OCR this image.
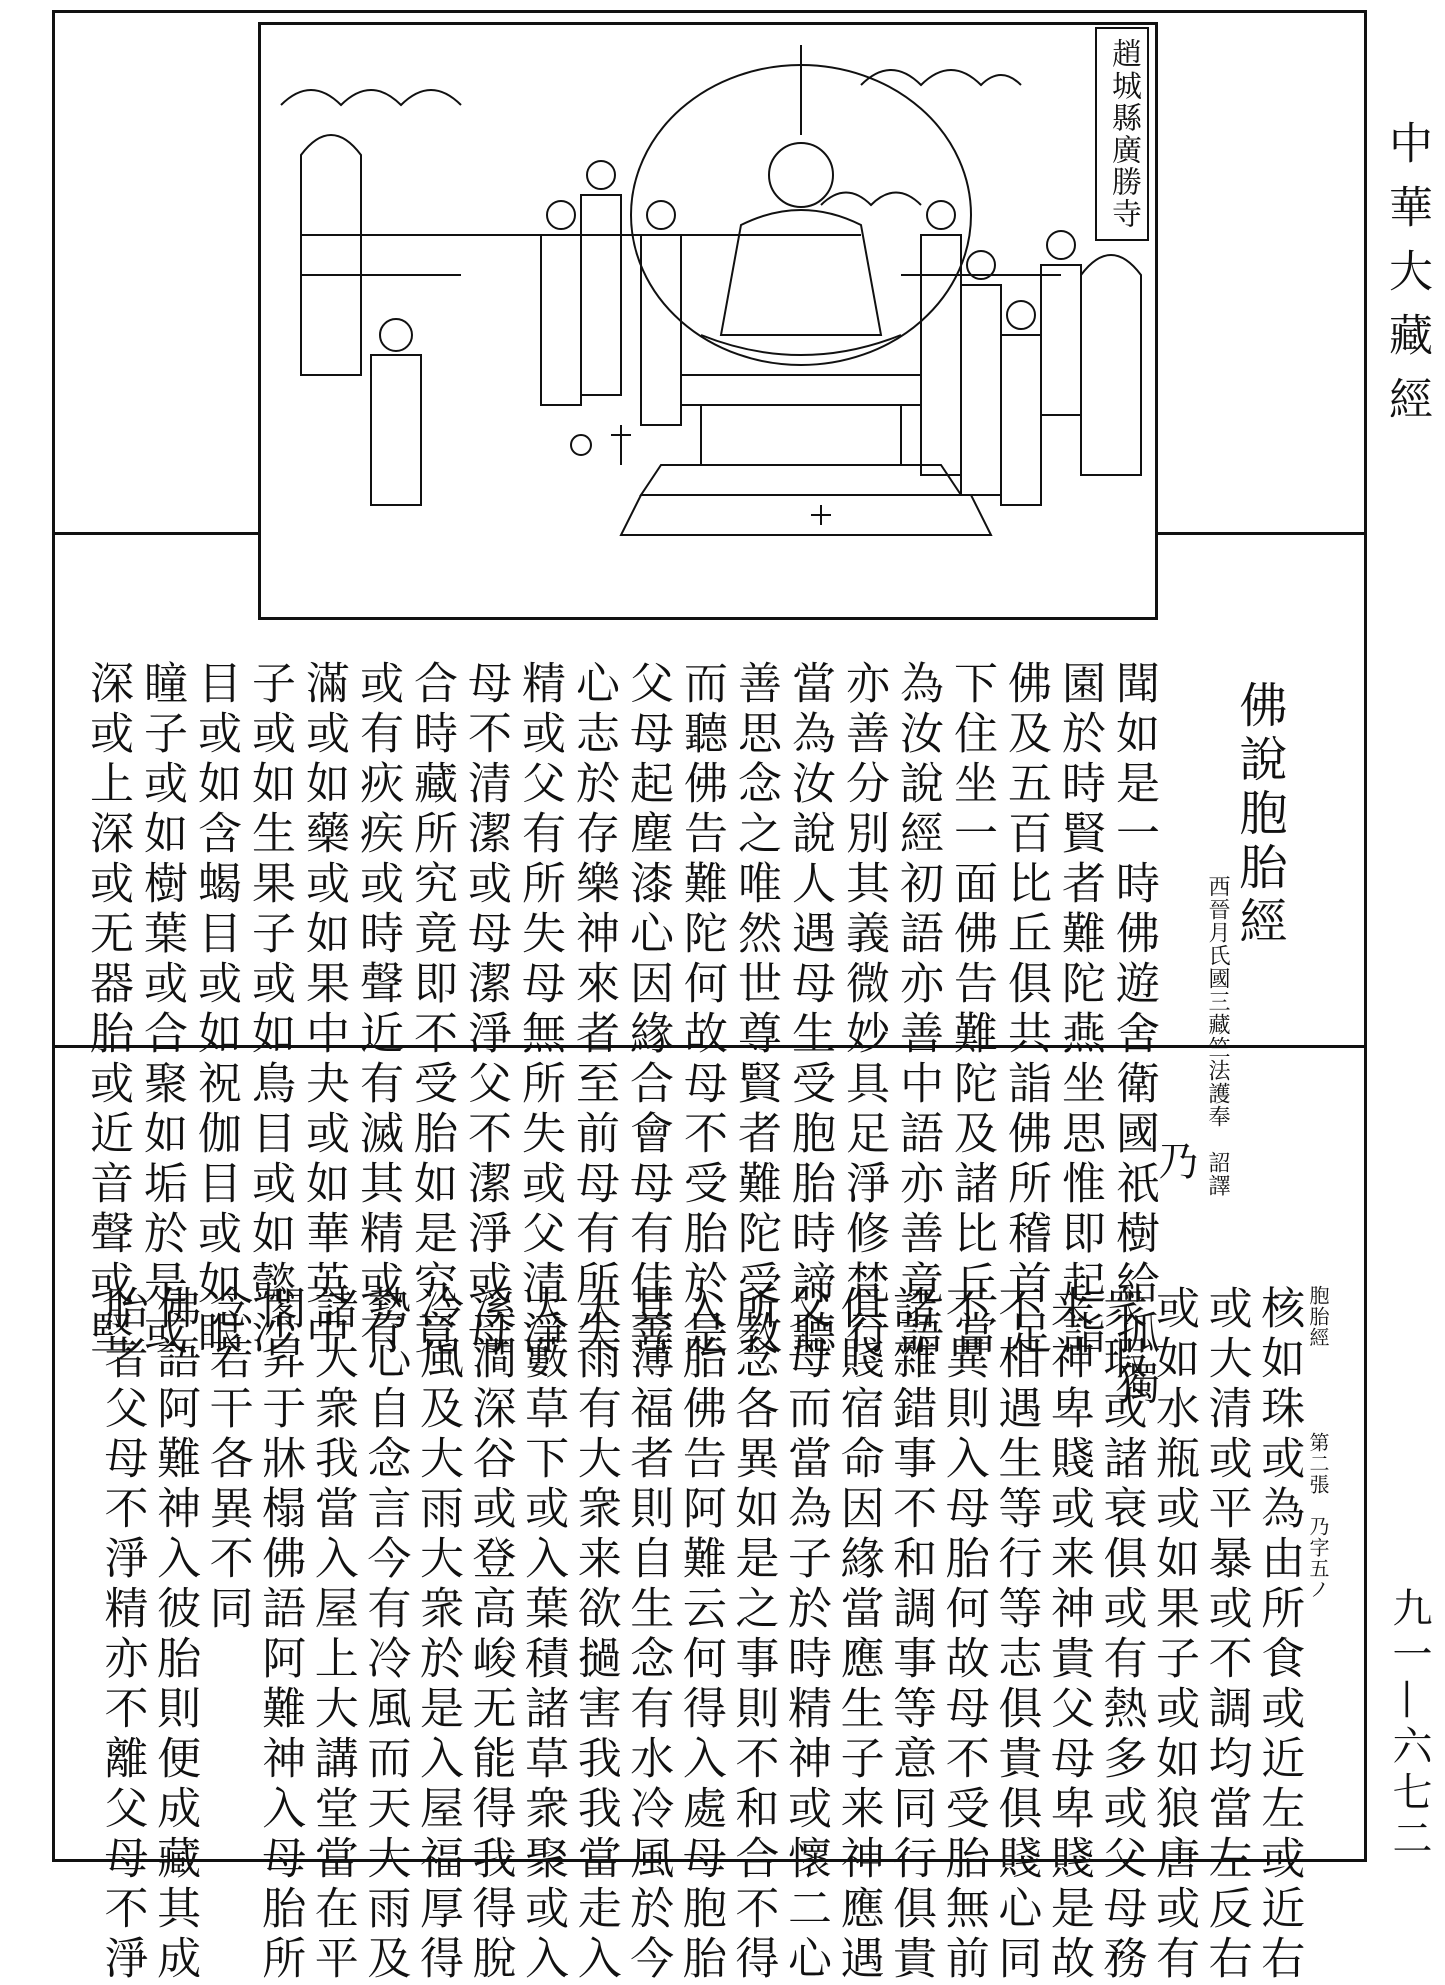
中華大藏經
九一—六七二
趙城縣廣勝寺
佛說胞胎經
西晉月氏國三藏竺法護奉　詔譯
乃
聞如是一時佛遊舍衛國祇樹給孤獨
園於時賢者難陀燕坐思惟即起詣
佛及五百比丘俱共詣佛所稽首足
下住坐一面佛告難陀及諸比丘當
為汝說經初語亦善中語亦善竟語
亦善分別其義微妙具足淨修梵行
當為汝說人遇母生受胞胎時諦聽
善思念之唯然世尊賢者難陀受教
而聽佛告難陀何故母不受胎於是
父母起塵漆心因緣合會母有佳善
心志於存樂神來者至前母有所失
精或父有所失母無所失或父清淨
母不清潔或母潔淨父不潔淨或母
合時藏所究竟即不受胎如是究竟
或有疢疾或時聲近有滅其精或有
滿或如藥或如果中夬或如華英中
子或如生果子或如鳥目或如懿沙
目或如含蝎目或如祝伽目或如眼
瞳子或如樹葉或合聚如垢於是或
深或上深或无器胎或近音聲或堅
胞胎經　　　　第二張　乃字五ノ
核如珠或為由所食或近左或近右
或大清或平暴或不調均當左反右
或如水瓶或如果子或如狼唐或有
衆瑕或諸衰俱或有熱多或父母務
来神卑賤或来神貴父母卑賤是故
不相遇生等行等志俱貴俱賤心同
不異則入母胎何故母不受胎無前
諸雜錯事不和調事等意同行俱貴
俱賤宿命因緣當應生子来神應遇
父母而當為子於時精神或懷二心
所念各異如是之事則不和合不得
入胎佛告阿難云何得入處母胞胎
其薄福者則自生念有水冷風於今
天雨有大衆来欲撾害我我當走入
大藪草下或入葉積諸草衆聚或入
溪澗深谷或登高峻无能得我得脫
冷風及大雨大衆於是入屋福厚得
勢心自念言今有冷風而天大雨及
諸大衆我當入屋上大講堂當在平
閣昇于牀榻佛語阿難神入母胎所
念若干各異不同
佛語阿難神入彼胎則便成藏其成
胎者父母不淨精亦不離父母不淨
